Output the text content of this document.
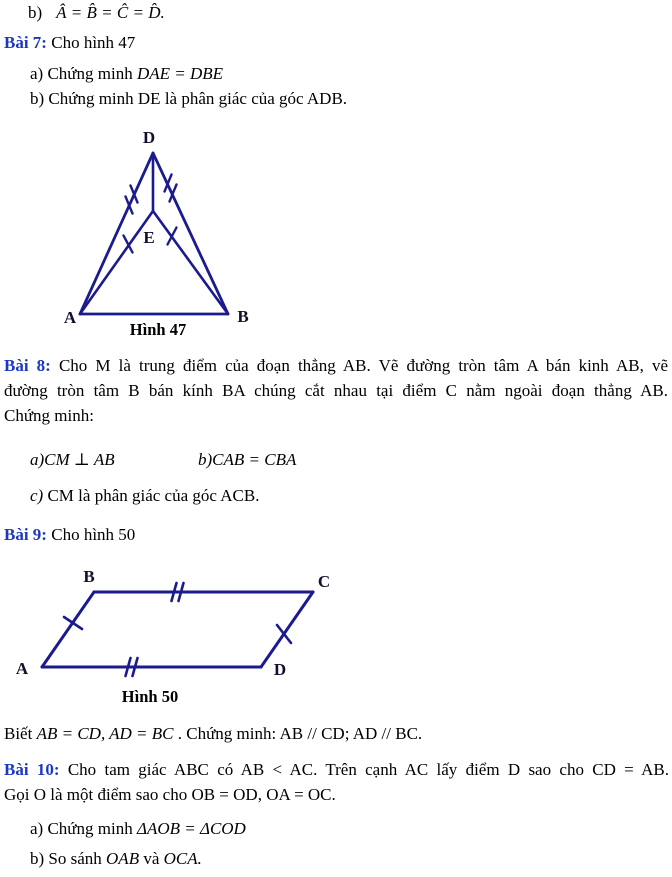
b) Â = B̂ = Ĉ = D̂.
Bài 7: Cho hình 47
a) Chứng minh DAE = DBE
b) Chứng minh DE là phân giác của góc ADB.
D
E
A	B
Hình 47
Bài 8: Cho M là trung điểm của đoạn thẳng AB. Vẽ đường tròn tâm A bán kinh AB, vẽ
đường tròn tâm B bán kính BA chúng cắt nhau tại điểm C nằm ngoài đoạn thẳng AB.
Chứng minh:
a)CM ⊥ AB	b)CAB = CBA
c) CM là phân giác của góc ACB.
Bài 9: Cho hình 50
B	C
A	D
Hình 50
Biết AB = CD, AD = BC . Chứng minh: AB // CD; AD // BC.
Bài 10: Cho tam giác ABC có AB < AC. Trên cạnh AC lấy điểm D sao cho CD = AB.
Gọi O là một điểm sao cho OB = OD, OA = OC.
a) Chứng minh ΔAOB = ΔCOD
b) So sánh OAB và OCA.
